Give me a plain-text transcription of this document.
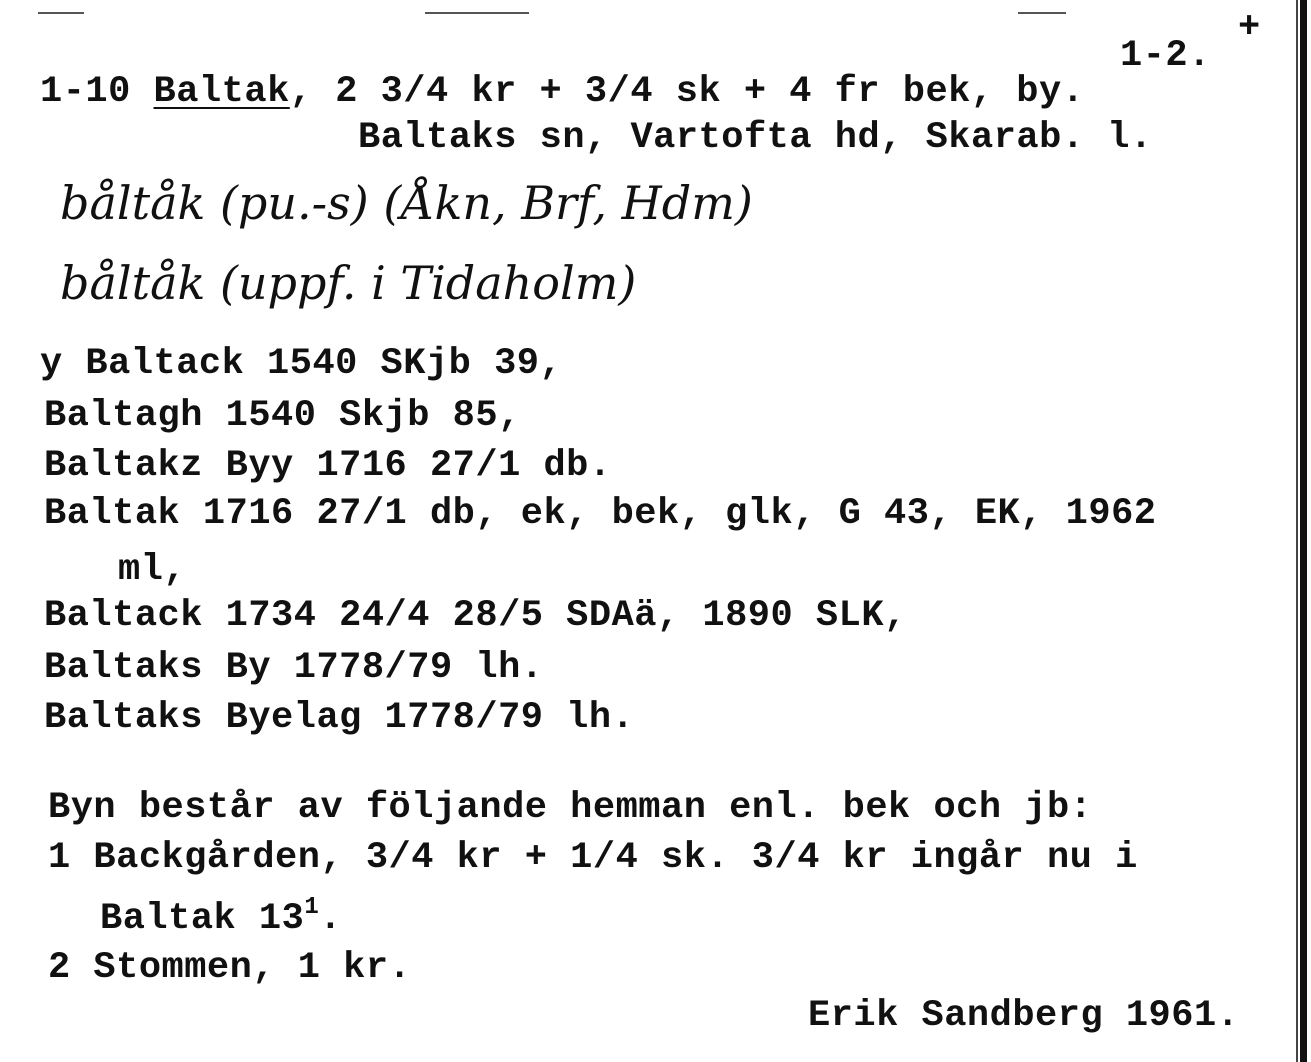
+
1-2.
1-10 Baltak, 2 3/4 kr + 3/4 sk + 4 fr bek, by.
Baltaks sn, Vartofta hd, Skarab. l.
båltåk (pu.-s) (Åkn, Brf, Hdm)
båltåk (uppf. i Tidaholm)
y Baltack 1540 SKjb 39,
Baltagh 1540 Skjb 85,
Baltakz Byy 1716 27/1 db.
Baltak 1716 27/1 db, ek, bek, glk, G 43, EK, 1962
ml,
Baltack 1734 24/4 28/5 SDAä, 1890 SLK,
Baltaks By 1778/79 lh.
Baltaks Byelag 1778/79 lh.
Byn består av följande hemman enl. bek och jb:
1 Backgården, 3/4 kr + 1/4 sk. 3/4 kr ingår nu i
Baltak $13^1$.
2 Stommen, 1 kr.
Erik Sandberg 1961.
